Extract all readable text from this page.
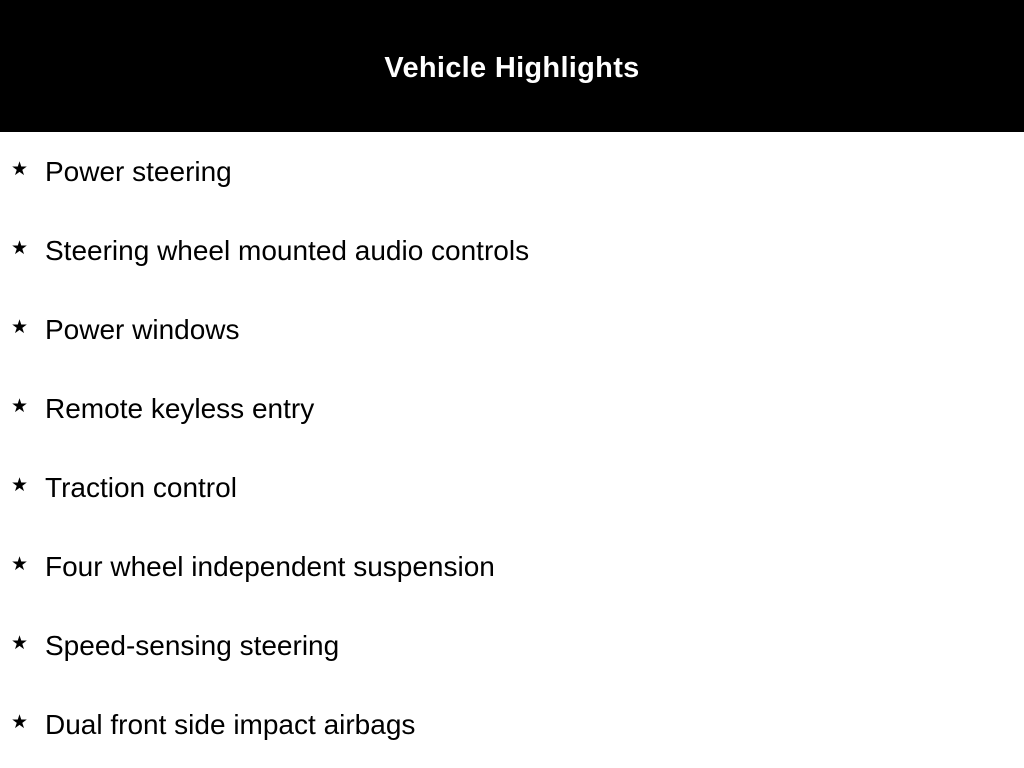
Vehicle Highlights
★ Power steering
★ Steering wheel mounted audio controls
★ Power windows
★ Remote keyless entry
★ Traction control
★ Four wheel independent suspension
★ Speed-sensing steering
★ Dual front side impact airbags
